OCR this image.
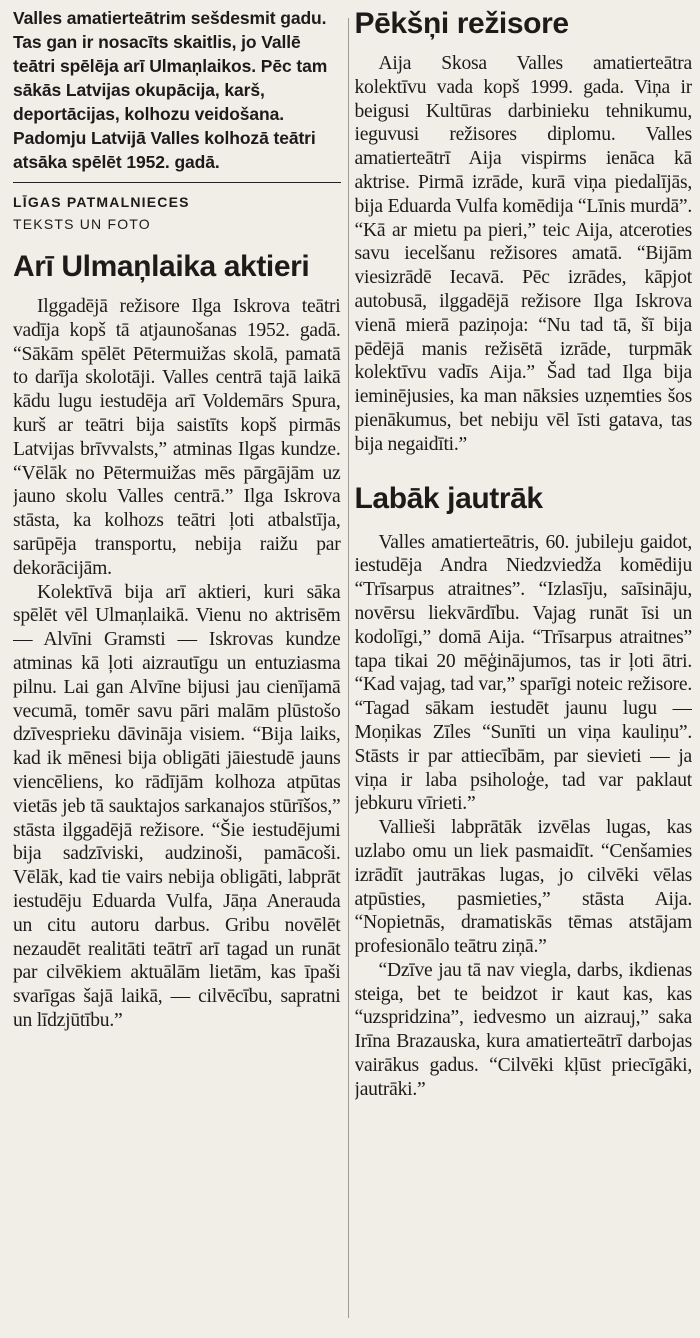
Valles amatierteātrim sešdesmit gadu. Tas gan ir nosacīts skaitlis, jo Vallē teātri spēlēja arī Ulmaņlaikos. Pēc tam sākās Latvijas okupācija, karš, deportācijas, kolhozu veidošana. Padomju Latvijā Valles kolhozā teātri atsāka spēlēt 1952. gadā.

LĪGAS PATMALNIECES

TEKSTS UN FOTO

Arī Ulmaņlaika aktieri

Ilggadējā režisore Ilga Iskrova teātri vadīja kopš tā atjaunošanas 1952. gadā. “Sākām spēlēt Pētermuižas skolā, pamatā to darīja skolotāji. Valles centrā tajā laikā kādu lugu iestudēja arī Voldemārs Spura, kurš ar teātri bija saistīts kopš pirmās Latvijas brīvvalsts,” atminas Ilgas kundze. “Vēlāk no Pētermuižas mēs pārgājām uz jauno skolu Valles centrā.” Ilga Iskrova stāsta, ka kolhozs teātri ļoti atbalstīja, sarūpēja transportu, nebija raižu par dekorācijām.

Kolektīvā bija arī aktieri, kuri sāka spēlēt vēl Ulmaņlaikā. Vienu no aktrisēm — Alvīni Gramsti — Iskrovas kundze atminas kā ļoti aizrautīgu un entuziasma pilnu. Lai gan Alvīne bijusi jau cienījamā vecumā, tomēr savu pāri malām plūstošo dzīvesprieku dāvināja visiem. “Bija laiks, kad ik mēnesi bija obligāti jāiestudē jauns viencēliens, ko rādījām kolhoza atpūtas vietās jeb tā sauktajos sarkanajos stūrīšos,” stāsta ilggadējā režisore. “Šie iestudējumi bija sadzīviski, audzinoši, pamācoši. Vēlāk, kad tie vairs nebija obligāti, labprāt iestudēju Eduarda Vulfa, Jāņa Anerauda un citu autoru darbus. Gribu novēlēt nezaudēt realitāti teātrī arī tagad un runāt par cilvēkiem aktuālām lietām, kas īpaši svarīgas šajā laikā, — cilvēcību, sapratni un līdzjūtību.”

Pēkšņi režisore

Aija Skosa Valles amatierteātra kolektīvu vada kopš 1999. gada. Viņa ir beigusi Kultūras darbinieku tehnikumu, ieguvusi režisores diplomu. Valles amatierteātrī Aija vispirms ienāca kā aktrise. Pirmā izrāde, kurā viņa piedalījās, bija Eduarda Vulfa komēdija “Līnis murdā”. “Kā ar mietu pa pieri,” teic Aija, atceroties savu iecelšanu režisores amatā. “Bijām viesizrādē Iecavā. Pēc izrādes, kāpjot autobusā, ilggadējā režisore Ilga Iskrova vienā mierā paziņoja: “Nu tad tā, šī bija pēdējā manis režisētā izrāde, turpmāk kolektīvu vadīs Aija.” Šad tad Ilga bija ieminējusies, ka man nāksies uzņemties šos pienākumus, bet nebiju vēl īsti gatava, tas bija negaidīti.”

Labāk jautrāk

Valles amatierteātris, 60. jubileju gaidot, iestudēja Andra Niedzviedža komēdiju “Trīsarpus atraitnes”. “Izlasīju, saīsināju, novērsu liekvārdību. Vajag runāt īsi un kodolīgi,” domā Aija. “Trīsarpus atraitnes” tapa tikai 20 mēģinājumos, tas ir ļoti ātri. “Kad vajag, tad var,” sparīgi noteic režisore. “Tagad sākam iestudēt jaunu lugu — Moņikas Zīles “Sunīti un viņa kauliņu”. Stāsts ir par attiecībām, par sievieti — ja viņa ir laba psiholoģe, tad var paklaut jebkuru vīrieti.”

Vallieši labprātāk izvēlas lugas, kas uzlabo omu un liek pasmaidīt. “Cenšamies izrādīt jautrākas lugas, jo cilvēki vēlas atpūsties, pasmieties,” stāsta Aija. “Nopietnās, dramatiskās tēmas atstājam profesionālo teātru ziņā.”

“Dzīve jau tā nav viegla, darbs, ikdienas steiga, bet te beidzot ir kaut kas, kas “uzspridzina”, iedvesmo un aizrauj,” saka Irīna Brazauska, kura amatierteātrī darbojas vairākus gadus. “Cilvēki kļūst priecīgāki, jautrāki.”
